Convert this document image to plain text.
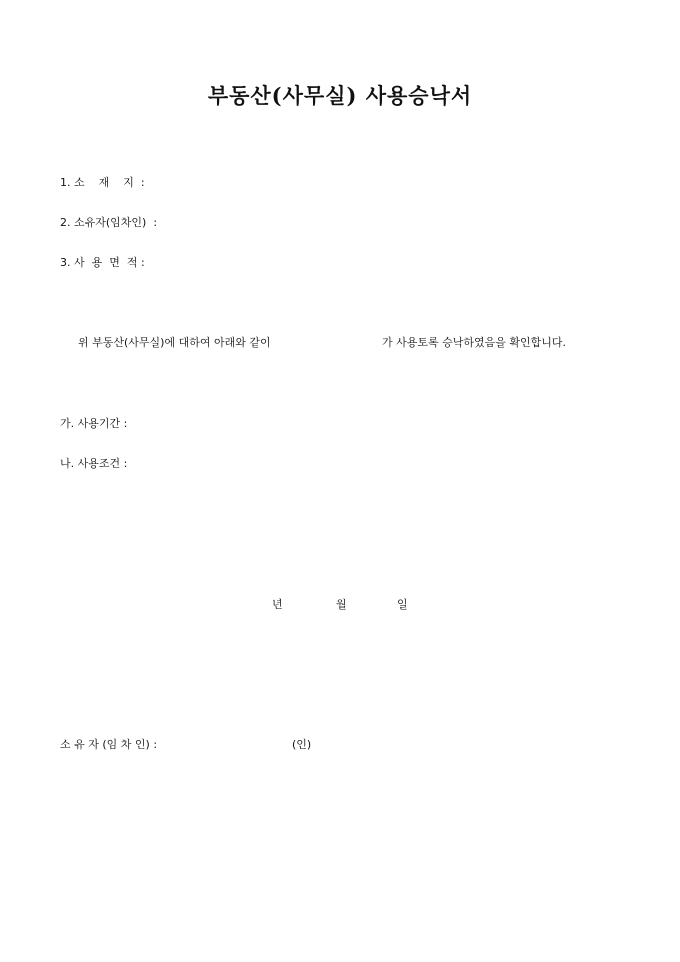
부동산(사무실) 사용승낙서
1. 소    재    지  :
2. 소유자(임차인)  :
3. 사  용  면  적 :
위 부동산(사무실)에 대하여 아래와 같이	가 사용토록 승낙하였음을 확인합니다.
가. 사용기간 :
나. 사용조건 :
년	월	일
소 유 자 (임 차 인) :	(인)
